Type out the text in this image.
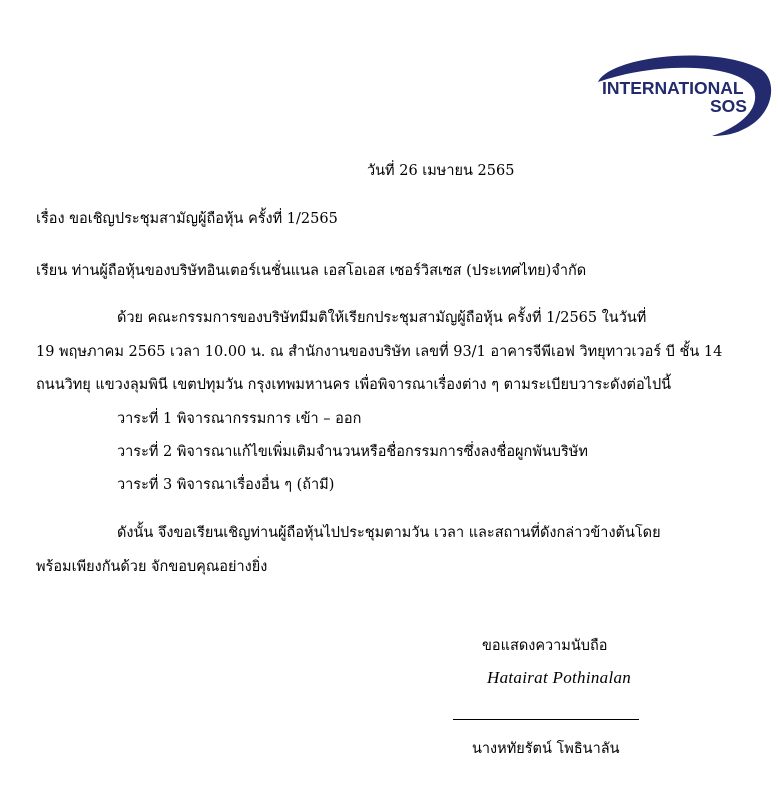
INTERNATIONAL
SOS
วันที่ 26 เมษายน 2565
เรื่อง ขอเชิญประชุมสามัญผู้ถือหุ้น ครั้งที่ 1/2565
เรียน ท่านผู้ถือหุ้นของบริษัทอินเตอร์เนชั่นแนล เอสโอเอส เซอร์วิสเซส (ประเทศไทย)จำกัด
ด้วย คณะกรรมการของบริษัทมีมติให้เรียกประชุมสามัญผู้ถือหุ้น ครั้งที่ 1/2565 ในวันที่
19 พฤษภาคม 2565 เวลา 10.00 น. ณ สำนักงานของบริษัท เลขที่ 93/1 อาคารจีพีเอฟ วิทยุทาวเวอร์ บี ชั้น 14
ถนนวิทยุ แขวงลุมพินี เขตปทุมวัน กรุงเทพมหานคร เพื่อพิจารณาเรื่องต่าง ๆ ตามระเบียบวาระดังต่อไปนี้
วาระที่ 1 พิจารณากรรมการ เข้า – ออก
วาระที่ 2 พิจารณาแก้ไขเพิ่มเติมจำนวนหรือชื่อกรรมการซึ่งลงชื่อผูกพันบริษัท
วาระที่ 3 พิจารณาเรื่องอื่น ๆ (ถ้ามี)
ดังนั้น จึงขอเรียนเชิญท่านผู้ถือหุ้นไปประชุมตามวัน เวลา และสถานที่ดังกล่าวข้างต้นโดย
พร้อมเพียงกันด้วย จักขอบคุณอย่างยิ่ง
ขอแสดงความนับถือ
Hatairat Pothinalan
นางหทัยรัตน์ โพธินาลัน
